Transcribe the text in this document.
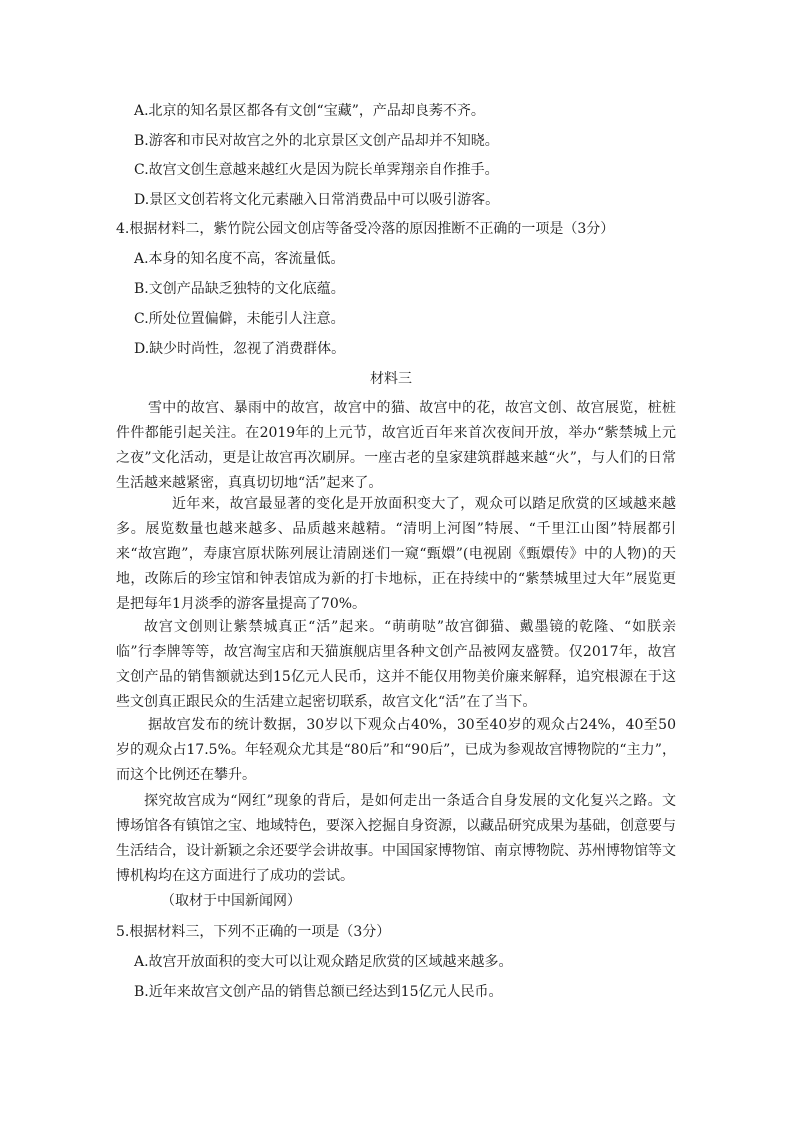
A.北京的知名景区都各有文创“宝藏”，产品却良莠不齐。
B.游客和市民对故宫之外的北京景区文创产品却并不知晓。
C.故宫文创生意越来越红火是因为院长单霁翔亲自作推手。
D.景区文创若将文化元素融入日常消费品中可以吸引游客。
4.根据材料二，紫竹院公园文创店等备受冷落的原因推断不正确的一项是（3分）
A.本身的知名度不高，客流量低。
B.文创产品缺乏独特的文化底蕴。
C.所处位置偏僻，未能引人注意。
D.缺少时尚性，忽视了消费群体。
材料三
雪中的故宫、暴雨中的故宫，故宫中的猫、故宫中的花，故宫文创、故宫展览，桩桩件件都能引起关注。在2019年的上元节，故宫近百年来首次夜间开放，举办“紫禁城上元之夜”文化活动，更是让故宫再次刷屏。一座古老的皇家建筑群越来越“火”，与人们的日常生活越来越紧密，真真切切地“活”起来了。
近年来，故宫最显著的变化是开放面积变大了，观众可以踏足欣赏的区域越来越多。展览数量也越来越多、品质越来越精。“清明上河图”特展、“千里江山图”特展都引来“故宫跑”，寿康宫原状陈列展让清剧迷们一窥“甄嬛”(电视剧《甄嬛传》中的人物)的天地，改陈后的珍宝馆和钟表馆成为新的打卡地标，正在持续中的“紫禁城里过大年”展览更是把每年1月淡季的游客量提高了70%。
故宫文创则让紫禁城真正“活”起来。“萌萌哒”故宫御猫、戴墨镜的乾隆、“如朕亲临”行李牌等等，故宫淘宝店和天猫旗舰店里各种文创产品被网友盛赞。仅2017年，故宫文创产品的销售额就达到15亿元人民币，这并不能仅用物美价廉来解释，追究根源在于这些文创真正跟民众的生活建立起密切联系，故宫文化“活”在了当下。
据故宫发布的统计数据，30岁以下观众占40%，30至40岁的观众占24%，40至50岁的观众占17.5%。年轻观众尤其是“80后”和“90后”，已成为参观故宫博物院的“主力”，而这个比例还在攀升。
探究故宫成为“网红”现象的背后，是如何走出一条适合自身发展的文化复兴之路。文博场馆各有镇馆之宝、地域特色，要深入挖掘自身资源，以藏品研究成果为基础，创意要与生活结合，设计新颖之余还要学会讲故事。中国国家博物馆、南京博物院、苏州博物馆等文博机构均在这方面进行了成功的尝试。
（取材于中国新闻网）
5.根据材料三，下列不正确的一项是（3分）
A.故宫开放面积的变大可以让观众踏足欣赏的区域越来越多。
B.近年来故宫文创产品的销售总额已经达到15亿元人民币。
